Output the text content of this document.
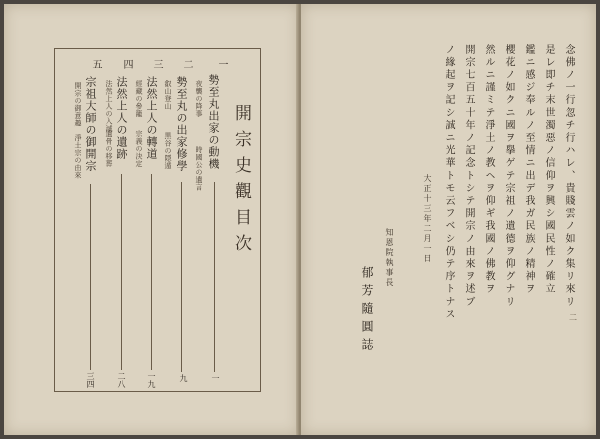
開宗史觀目次
一
勢至丸出家の動機
夜襲の降事
時國公の遺言
一
二
勢至丸の出家修學
叡山登山
黒谷の隠遁
九
三
法然上人の轉道
經藏の參籠
宗義の決定
一九
四
法然上人の遺跡
法然上人の入滅
遺骨の移葬
二八
五
宗祖大師の御開宗
開宗の御意趣
淨土宗の由來
三四
念佛ノ一行忽チ行ハレ、貴賤雲ノ如ク集リ來リ
是レ即チ末世濁惡ノ信仰ヲ興シ國民性ノ確立
鑑ニ感ジ奉ルノ至情ニ出デ我ガ民族ノ精神ヲ
櫻花ノ如クニ國ヲ擧ゲテ宗祖ノ遺德ヲ仰グナリ
然ルニ謹ミテ淨土ノ教ヘヲ仰ギ我國ノ佛教ヲ
開宗七百五十年ノ記念トシテ開宗ノ由來ヲ述ブ
ノ緣起ヲ記シ誠ニ光華トモ云フベシ仍テ序トナス
大正十三年二月一日
知恩院執事長
郁芳隨圓誌	二
